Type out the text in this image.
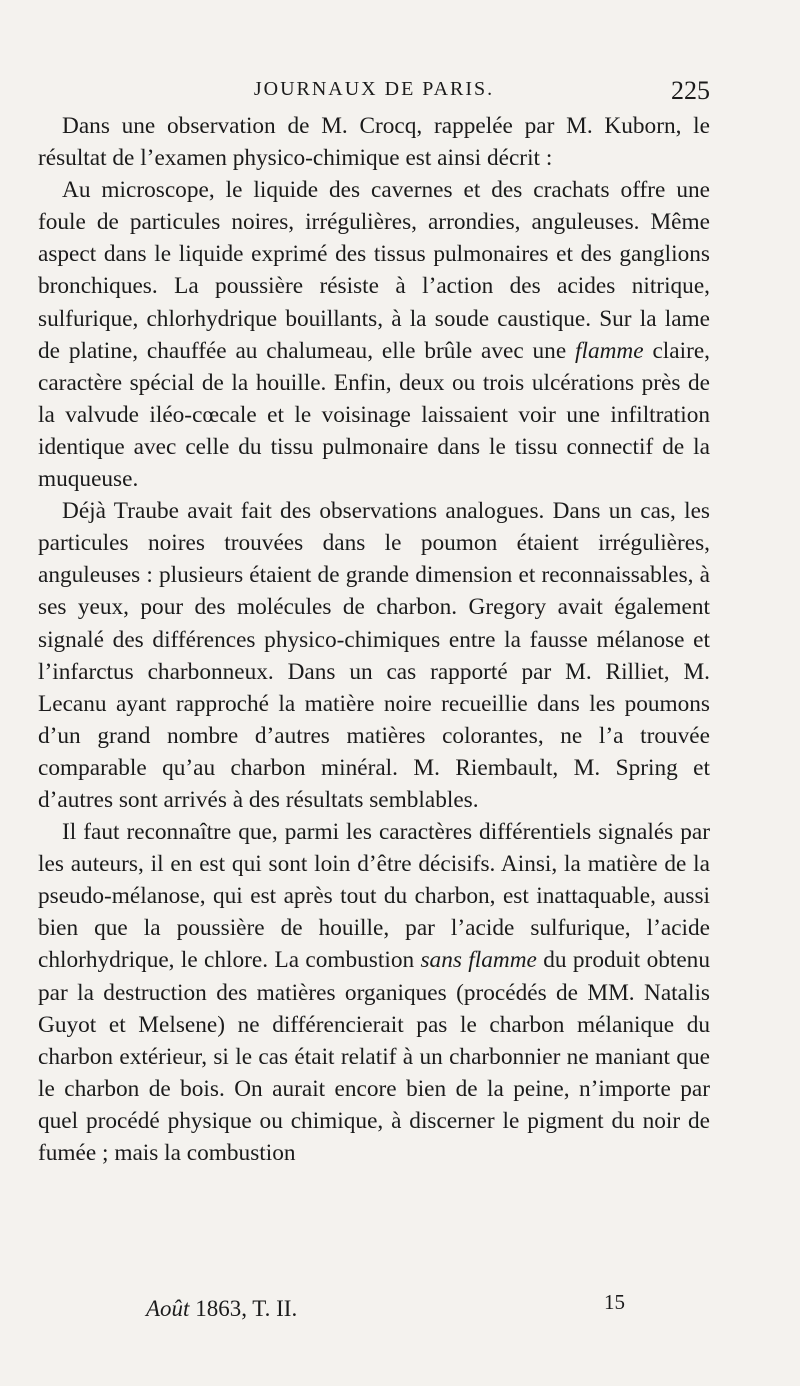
JOURNAUX DE PARIS.	225

Dans une observation de M. Crocq, rappelée par M. Kuborn, le résultat de l’examen physico-chimique est ainsi décrit :

Au microscope, le liquide des cavernes et des crachats offre une foule de particules noires, irrégulières, arrondies, anguleuses. Même aspect dans le liquide exprimé des tissus pulmonaires et des ganglions bronchiques. La poussière résiste à l’action des acides nitrique, sulfurique, chlorhydrique bouillants, à la soude caustique. Sur la lame de platine, chauffée au chalumeau, elle brûle avec une flamme claire, caractère spécial de la houille. Enfin, deux ou trois ulcérations près de la valvude iléo-cœcale et le voisinage laissaient voir une infiltration identique avec celle du tissu pulmonaire dans le tissu connectif de la muqueuse.

Déjà Traube avait fait des observations analogues. Dans un cas, les particules noires trouvées dans le poumon étaient irrégulières, anguleuses : plusieurs étaient de grande dimension et reconnaissables, à ses yeux, pour des molécules de charbon. Gregory avait également signalé des différences physico-chimiques entre la fausse mélanose et l’infarctus charbonneux. Dans un cas rapporté par M. Rilliet, M. Lecanu ayant rapproché la matière noire recueillie dans les poumons d’un grand nombre d’autres matières colorantes, ne l’a trouvée comparable qu’au charbon minéral. M. Riembault, M. Spring et d’autres sont arrivés à des résultats semblables.

Il faut reconnaître que, parmi les caractères différentiels signalés par les auteurs, il en est qui sont loin d’être décisifs. Ainsi, la matière de la pseudo-mélanose, qui est après tout du charbon, est inattaquable, aussi bien que la poussière de houille, par l’acide sulfurique, l’acide chlorhydrique, le chlore. La combustion sans flamme du produit obtenu par la destruction des matières organiques (procédés de MM. Natalis Guyot et Melsene) ne différencierait pas le charbon mélanique du charbon extérieur, si le cas était relatif à un charbonnier ne maniant que le charbon de bois. On aurait encore bien de la peine, n’importe par quel procédé physique ou chimique, à discerner le pigment du noir de fumée ; mais la combustion

Août 1863, T. II.	15
